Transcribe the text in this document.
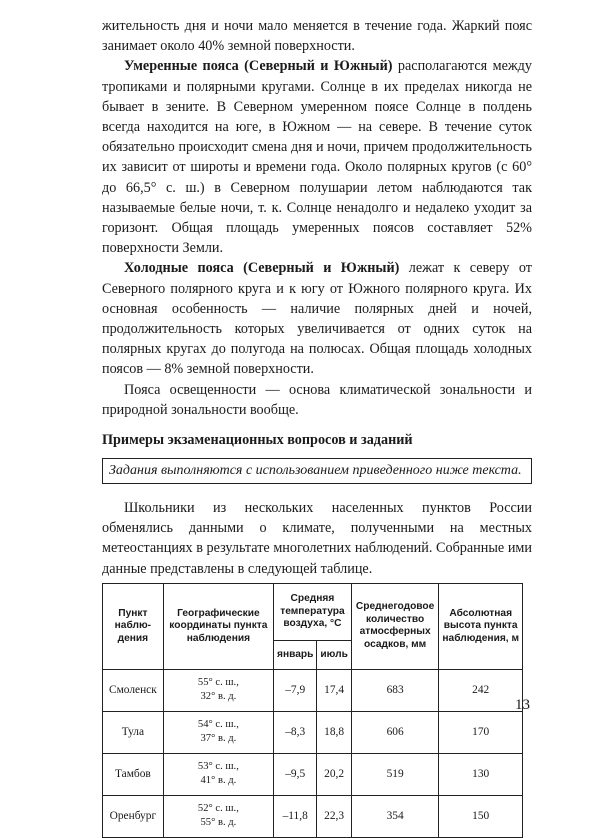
жительность дня и ночи мало меняется в течение года. Жаркий пояс занимает около 40% земной поверхности.

Умеренные пояса (Северный и Южный) располагаются между тропиками и полярными кругами. Солнце в их пределах никогда не бывает в зените. В Северном умеренном поясе Солнце в полдень всегда находится на юге, в Южном — на севере. В течение суток обязательно происходит смена дня и ночи, причем продолжительность их зависит от широты и времени года. Около полярных кругов (с 60° до 66,5° с. ш.) в Северном полушарии летом наблюдаются так называемые белые ночи, т. к. Солнце ненадолго и недалеко уходит за горизонт. Общая площадь умеренных поясов составляет 52% поверхности Земли.

Холодные пояса (Северный и Южный) лежат к северу от Северного полярного круга и к югу от Южного полярного круга. Их основная особенность — наличие полярных дней и ночей, продолжительность которых увеличивается от одних суток на полярных кругах до полугода на полюсах. Общая площадь холодных поясов — 8% земной поверхности.

Пояса освещенности — основа климатической зональности и природной зональности вообще.

Примеры экзаменационных вопросов и заданий
Задания выполняются с использованием приведенного ниже текста.

Школьники из нескольких населенных пунктов России обменялись данными о климате, полученными на местных метеостанциях в результате многолетних наблюдений. Собранные ими данные представлены в следующей таблице.

Пункт наблю-дения	Географические координаты пункта наблюдения	Средняя температура воздуха, °С		Среднегодовое количество атмосферных осадков, мм	Абсолютная высота пункта наблюдения, м
		январь	июль		
Смоленск	55° с. ш.,
32° в. д.	–7,9	17,4	683	242
Тула	54° с. ш.,
37° в. д.	–8,3	18,8	606	170
Тамбов	53° с. ш.,
41° в. д.	–9,5	20,2	519	130
Оренбург	52° с. ш.,
55° в. д.	–11,8	22,3	354	150
13
